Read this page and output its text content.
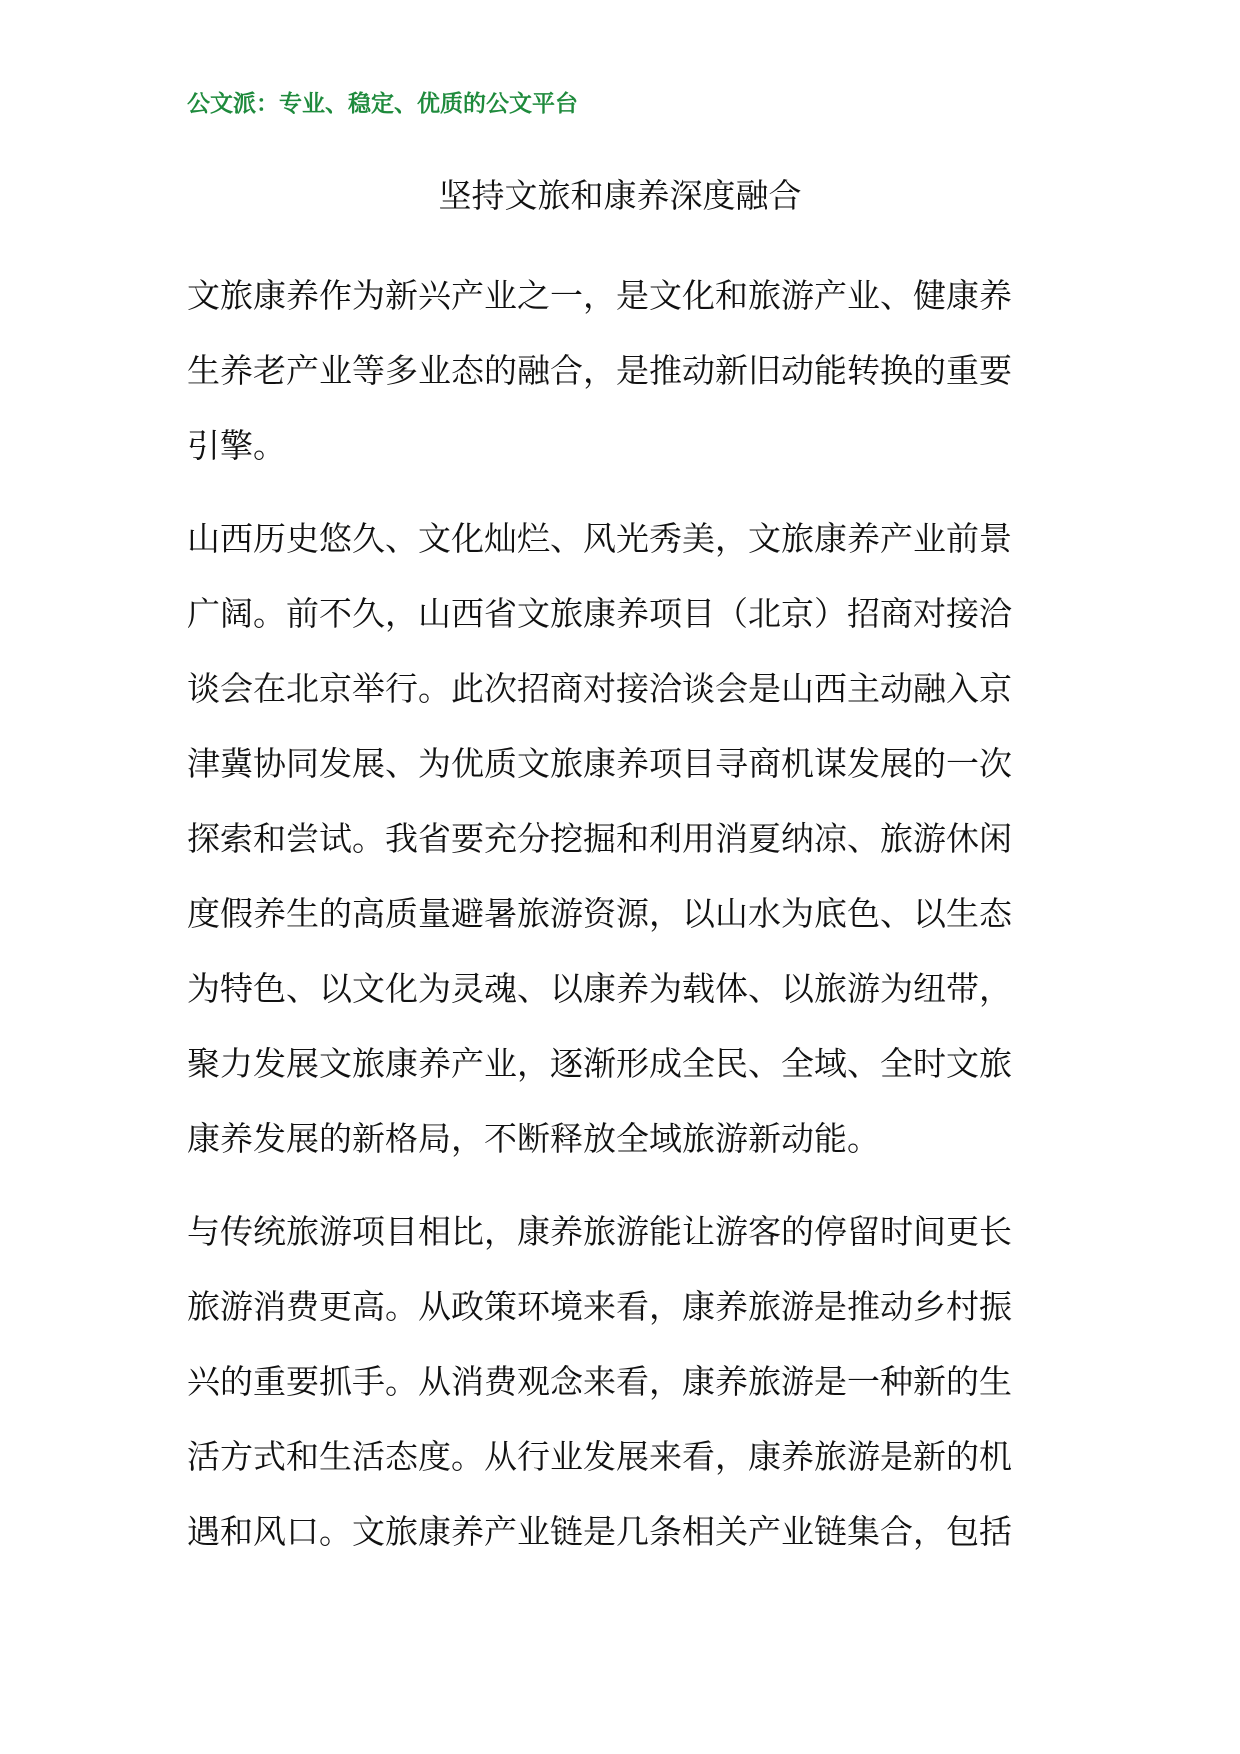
公文派：专业、稳定、优质的公文平台
坚持文旅和康养深度融合

文旅康养作为新兴产业之一，是文化和旅游产业、健康养
生养老产业等多业态的融合，是推动新旧动能转换的重要
引擎。

山西历史悠久、文化灿烂、风光秀美，文旅康养产业前景
广阔。前不久，山西省文旅康养项目（北京）招商对接洽
谈会在北京举行。此次招商对接洽谈会是山西主动融入京
津冀协同发展、为优质文旅康养项目寻商机谋发展的一次
探索和尝试。我省要充分挖掘和利用消夏纳凉、旅游休闲
度假养生的高质量避暑旅游资源，以山水为底色、以生态
为特色、以文化为灵魂、以康养为载体、以旅游为纽带，
聚力发展文旅康养产业，逐渐形成全民、全域、全时文旅
康养发展的新格局，不断释放全域旅游新动能。

与传统旅游项目相比，康养旅游能让游客的停留时间更长
旅游消费更高。从政策环境来看，康养旅游是推动乡村振
兴的重要抓手。从消费观念来看，康养旅游是一种新的生
活方式和生活态度。从行业发展来看，康养旅游是新的机
遇和风口。文旅康养产业链是几条相关产业链集合，包括
